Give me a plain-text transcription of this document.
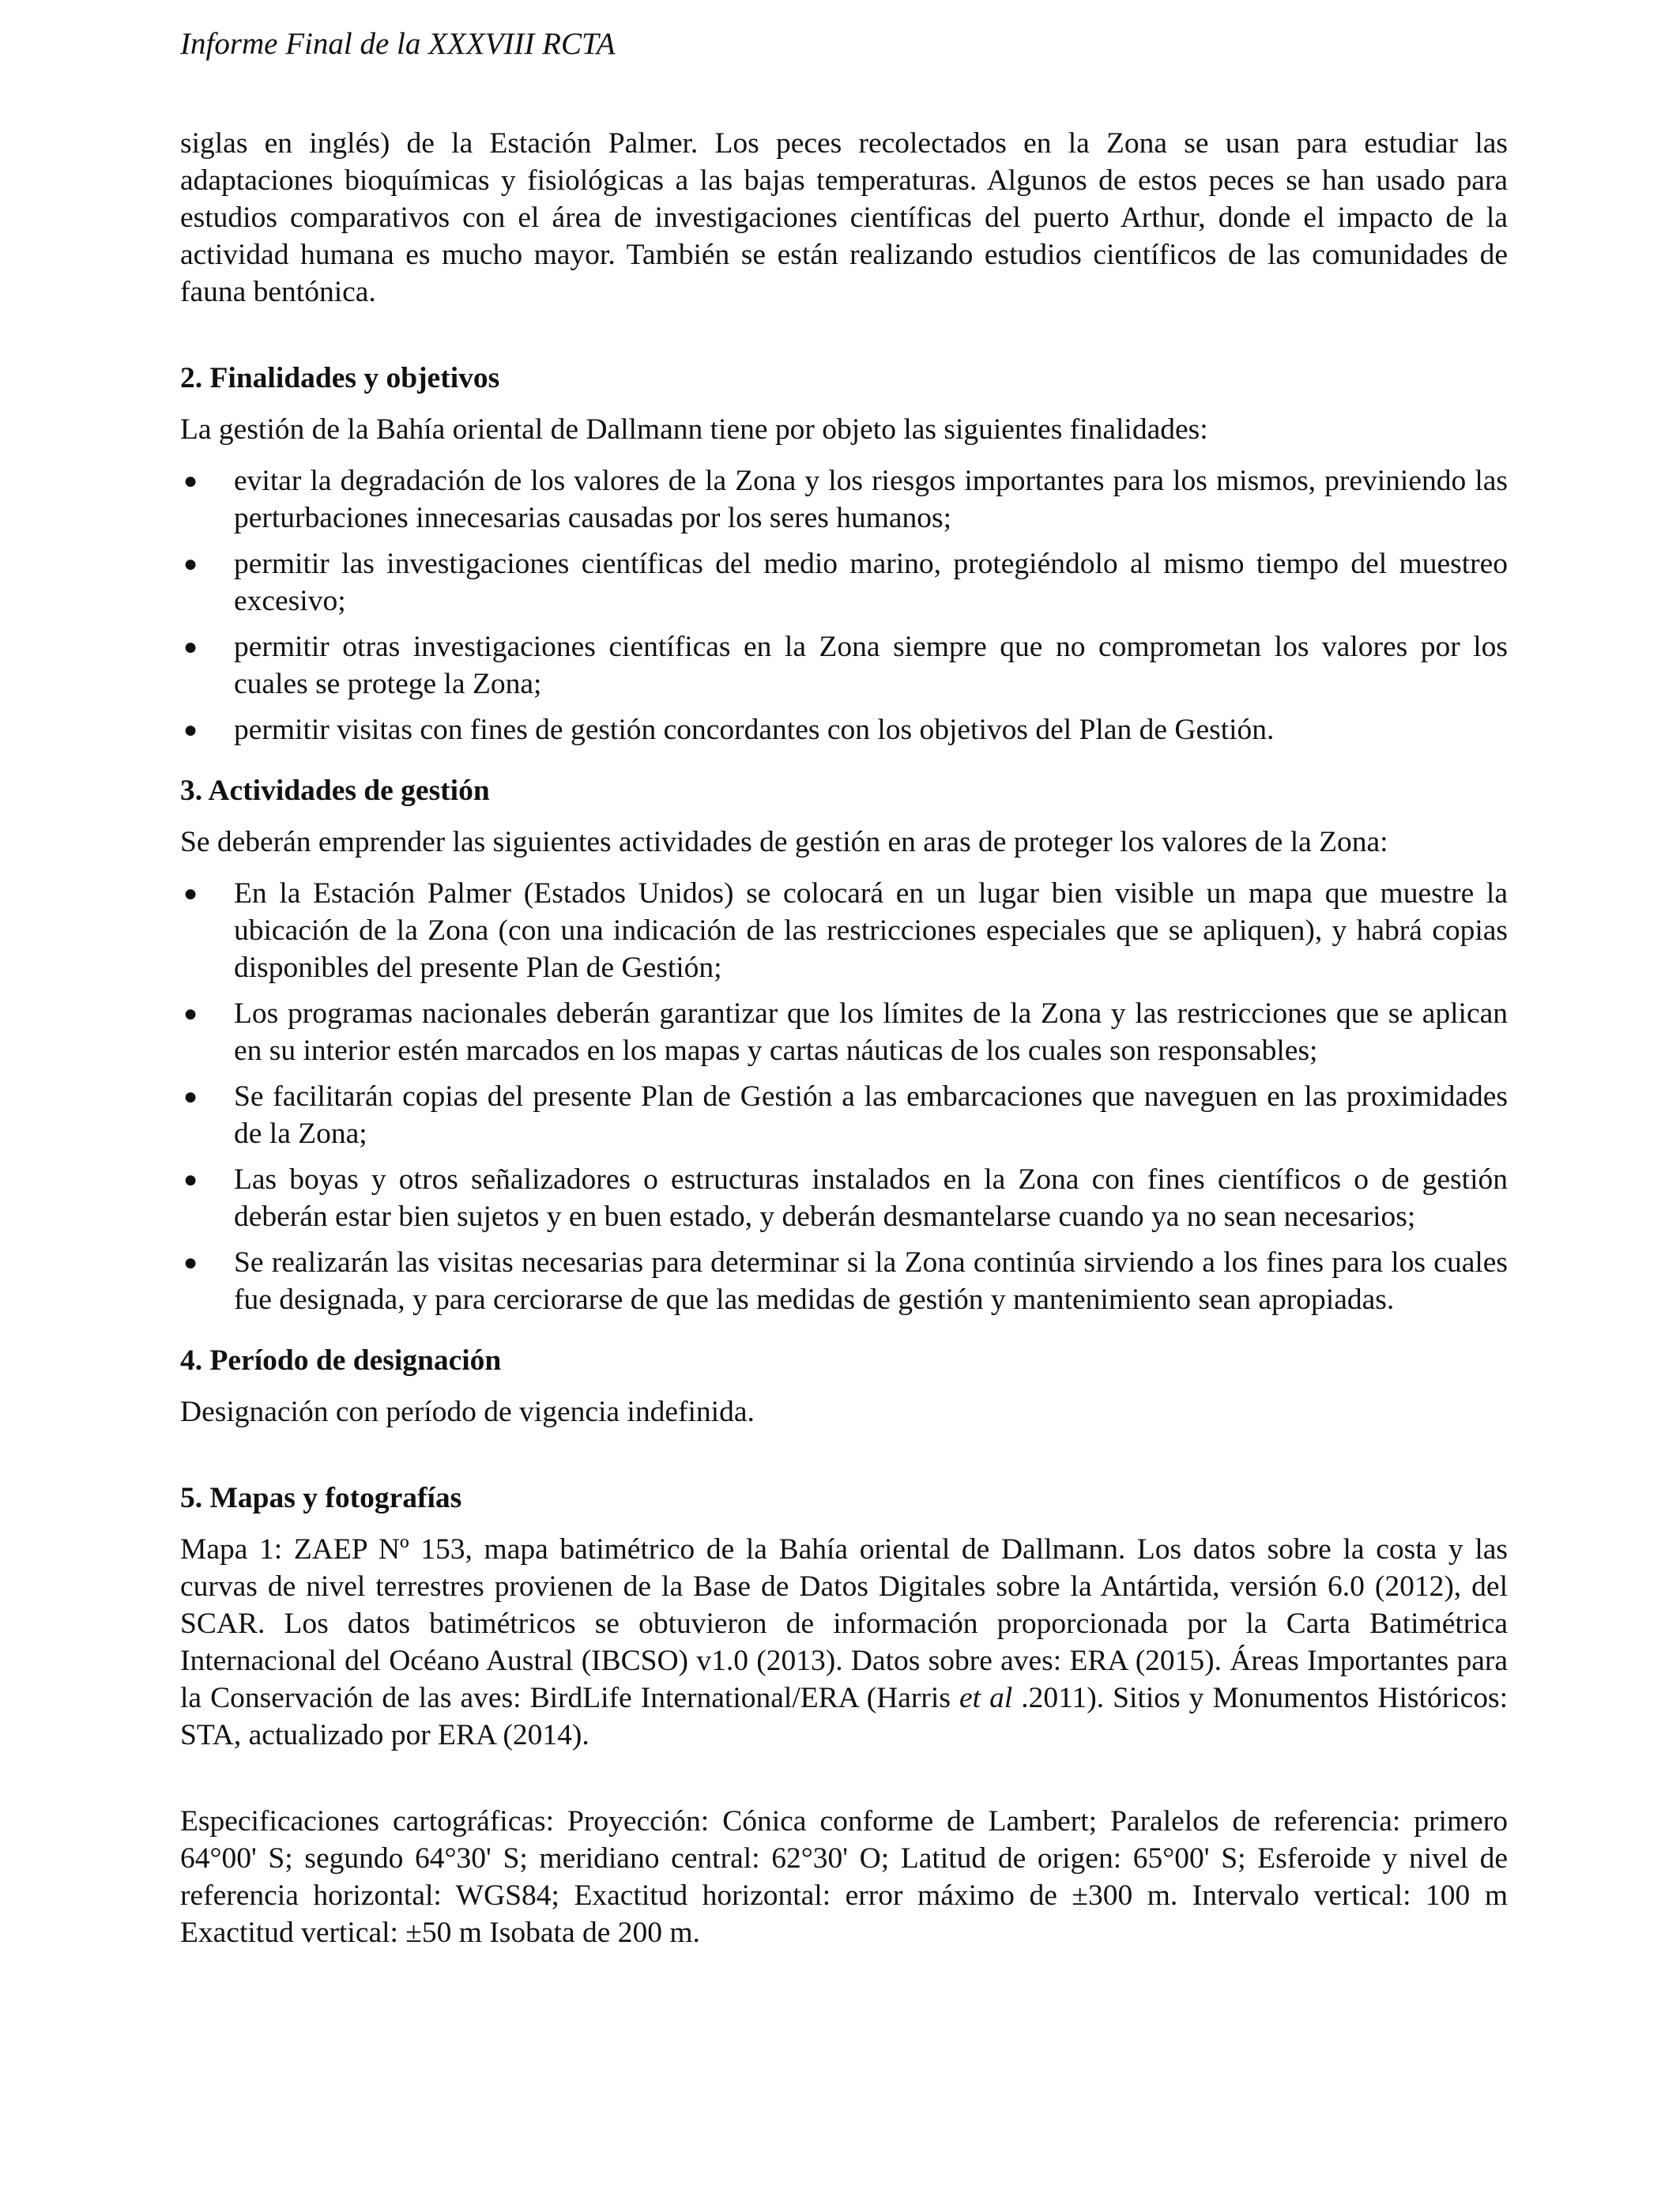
Informe Final de la XXXVIII RCTA

siglas en inglés) de la Estación Palmer. Los peces recolectados en la Zona se usan para estudiar las adaptaciones bioquímicas y fisiológicas a las bajas temperaturas. Algunos de estos peces se han usado para estudios comparativos con el área de investigaciones científicas del puerto Arthur, donde el impacto de la actividad humana es mucho mayor. También se están realizando estudios científicos de las comunidades de fauna bentónica.

2. Finalidades y objetivos

La gestión de la Bahía oriental de Dallmann tiene por objeto las siguientes finalidades:

● evitar la degradación de los valores de la Zona y los riesgos importantes para los mismos, previniendo las perturbaciones innecesarias causadas por los seres humanos;
● permitir las investigaciones científicas del medio marino, protegiéndolo al mismo tiempo del muestreo excesivo;
● permitir otras investigaciones científicas en la Zona siempre que no comprometan los valores por los cuales se protege la Zona;
● permitir visitas con fines de gestión concordantes con los objetivos del Plan de Gestión.
3. Actividades de gestión

Se deberán emprender las siguientes actividades de gestión en aras de proteger los valores de la Zona:

● En la Estación Palmer (Estados Unidos) se colocará en un lugar bien visible un mapa que muestre la ubicación de la Zona (con una indicación de las restricciones especiales que se apliquen), y habrá copias disponibles del presente Plan de Gestión;
● Los programas nacionales deberán garantizar que los límites de la Zona y las restricciones que se aplican en su interior estén marcados en los mapas y cartas náuticas de los cuales son responsables;
● Se facilitarán copias del presente Plan de Gestión a las embarcaciones que naveguen en las proximidades de la Zona;
● Las boyas y otros señalizadores o estructuras instalados en la Zona con fines científicos o de gestión deberán estar bien sujetos y en buen estado, y deberán desmantelarse cuando ya no sean necesarios;
● Se realizarán las visitas necesarias para determinar si la Zona continúa sirviendo a los fines para los cuales fue designada, y para cerciorarse de que las medidas de gestión y mantenimiento sean apropiadas.
4. Período de designación

Designación con período de vigencia indefinida.

5. Mapas y fotografías

Mapa 1: ZAEP Nº 153, mapa batimétrico de la Bahía oriental de Dallmann. Los datos sobre la costa y las curvas de nivel terrestres provienen de la Base de Datos Digitales sobre la Antártida, versión 6.0 (2012), del SCAR. Los datos batimétricos se obtuvieron de información proporcionada por la Carta Batimétrica Internacional del Océano Austral (IBCSO) v1.0 (2013). Datos sobre aves: ERA (2015). Áreas Importantes para la Conservación de las aves: BirdLife International/ERA (Harris et al .2011). Sitios y Monumentos Históricos: STA, actualizado por ERA (2014).

Especificaciones cartográficas: Proyección: Cónica conforme de Lambert; Paralelos de referencia: primero 64°00' S; segundo 64°30' S; meridiano central: 62°30' O; Latitud de origen: 65°00' S; Esferoide y nivel de referencia horizontal: WGS84; Exactitud horizontal: error máximo de ±300 m. Intervalo vertical: 100 m Exactitud vertical: ±50 m Isobata de 200 m.
